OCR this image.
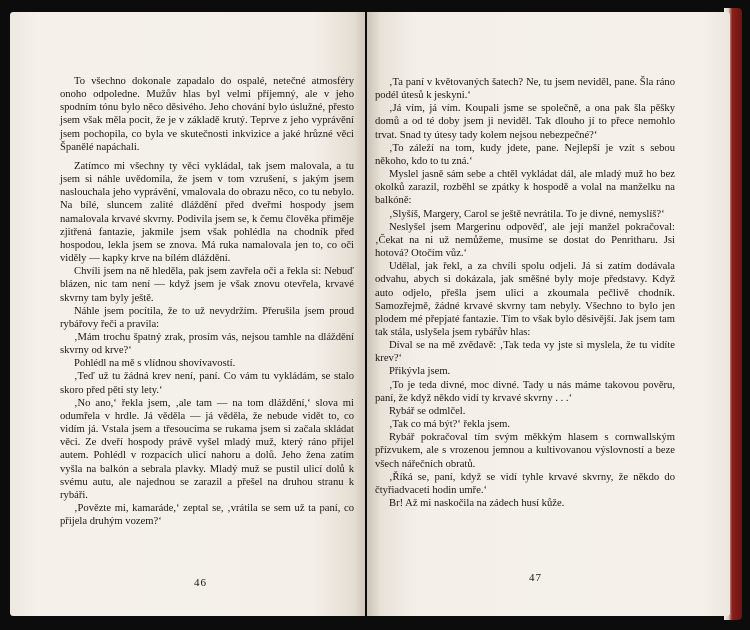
To všechno dokonale zapadalo do ospalé, netečné atmosféry onoho odpoledne. Mužův hlas byl velmi příjemný, ale v jeho spodním tónu bylo něco děsivého. Jeho chování bylo úslužné, přesto jsem však měla pocit, že je v základě krutý. Teprve z jeho vyprávění jsem pochopila, co byla ve skutečnosti inkvizice a jaké hrůzné věci Španělé napáchali.

Zatímco mi všechny ty věci vykládal, tak jsem malovala, a tu jsem si náhle uvědomila, že jsem v tom vzrušení, s jakým jsem naslouchala jeho vyprávění, vmalovala do obrazu něco, co tu nebylo. Na bílé, sluncem zalité dláždění před dveřmi hospody jsem namalovala krvavé skvrny. Podivila jsem se, k čemu člověka přiměje zjitřená fantazie, jakmile jsem však pohlédla na chodník před hospodou, lekla jsem se znova. Má ruka namalovala jen to, co oči viděly — kapky krve na bílém dláždění.

Chvíli jsem na ně hleděla, pak jsem zavřela oči a řekla si: Nebuď blázen, nic tam není — když jsem je však znovu otevřela, krvavé skvrny tam byly ještě.

Náhle jsem pocítila, že to už nevydržím. Přerušila jsem proud rybářovy řeči a pravila:

‚Mám trochu špatný zrak, prosím vás, nejsou tamhle na dláždění skvrny od krve?‘

Pohlédl na mě s vlídnou shovívavostí.

‚Teď už tu žádná krev není, paní. Co vám tu vykládám, se stalo skoro před pěti sty lety.‘

‚No ano,‘ řekla jsem, ‚ale tam — na tom dláždění,‘ slova mi odumřela v hrdle. Já věděla — já věděla, že nebude vidět to, co vidím já. Vstala jsem a třesoucíma se rukama jsem si začala skládat věci. Ze dveří hospody právě vyšel mladý muž, který ráno přijel autem. Pohlédl v rozpacích ulicí nahoru a dolů. Jeho žena zatím vyšla na balkón a sebrala plavky. Mladý muž se pustil ulicí dolů k svému autu, ale najednou se zarazil a přešel na druhou stranu k rybáři.

‚Povězte mi, kamaráde,‘ zeptal se, ‚vrátila se sem už ta paní, co přijela druhým vozem?‘

46

‚Ta paní v květovaných šatech? Ne, tu jsem neviděl, pane. Šla ráno podél útesů k jeskyni.‘

‚Já vím, já vím. Koupali jsme se společně, a ona pak šla pěšky domů a od té doby jsem ji neviděl. Tak dlouho jí to přece nemohlo trvat. Snad ty útesy tady kolem nejsou nebezpečné?‘

‚To záleží na tom, kudy jdete, pane. Nejlepší je vzít s sebou někoho, kdo to tu zná.‘

Myslel jasně sám sebe a chtěl vykládat dál, ale mladý muž ho bez okolků zarazil, rozběhl se zpátky k hospodě a volal na manželku na balkóně:

‚Slyšíš, Margery, Carol se ještě nevrátila. To je divné, nemyslíš?‘

Neslyšel jsem Margerinu odpověď, ale její manžel pokračoval: ‚Čekat na ni už nemůžeme, musíme se dostat do Penritharu. Jsi hotová? Otočím vůz.‘

Udělal, jak řekl, a za chvíli spolu odjeli. Já si zatím dodávala odvahu, abych si dokázala, jak směšné byly moje představy. Když auto odjelo, přešla jsem ulici a zkoumala pečlivě chodník. Samozřejmě, žádné krvavé skvrny tam nebyly. Všechno to bylo jen plodem mé přepjaté fantazie. Tím to však bylo děsivější. Jak jsem tam tak stála, uslyšela jsem rybářův hlas:

Díval se na mě zvědavě: ‚Tak teda vy jste si myslela, že tu vidíte krev?‘

Přikývla jsem.

‚To je teda divné, moc divné. Tady u nás máme takovou pověru, paní, že když někdo vidí ty krvavé skvrny . . .‘

Rybář se odmlčel.

‚Tak co má být?‘ řekla jsem.

Rybář pokračoval tím svým měkkým hlasem s cornwallským přízvukem, ale s vrozenou jemnou a kultivovanou výslovností a beze všech nářečních obratů.

‚Říká se, paní, když se vidí tyhle krvavé skvrny, že někdo do čtyřiadvaceti hodin umře.‘

Br! Až mi naskočila na zádech husí kůže.

47
